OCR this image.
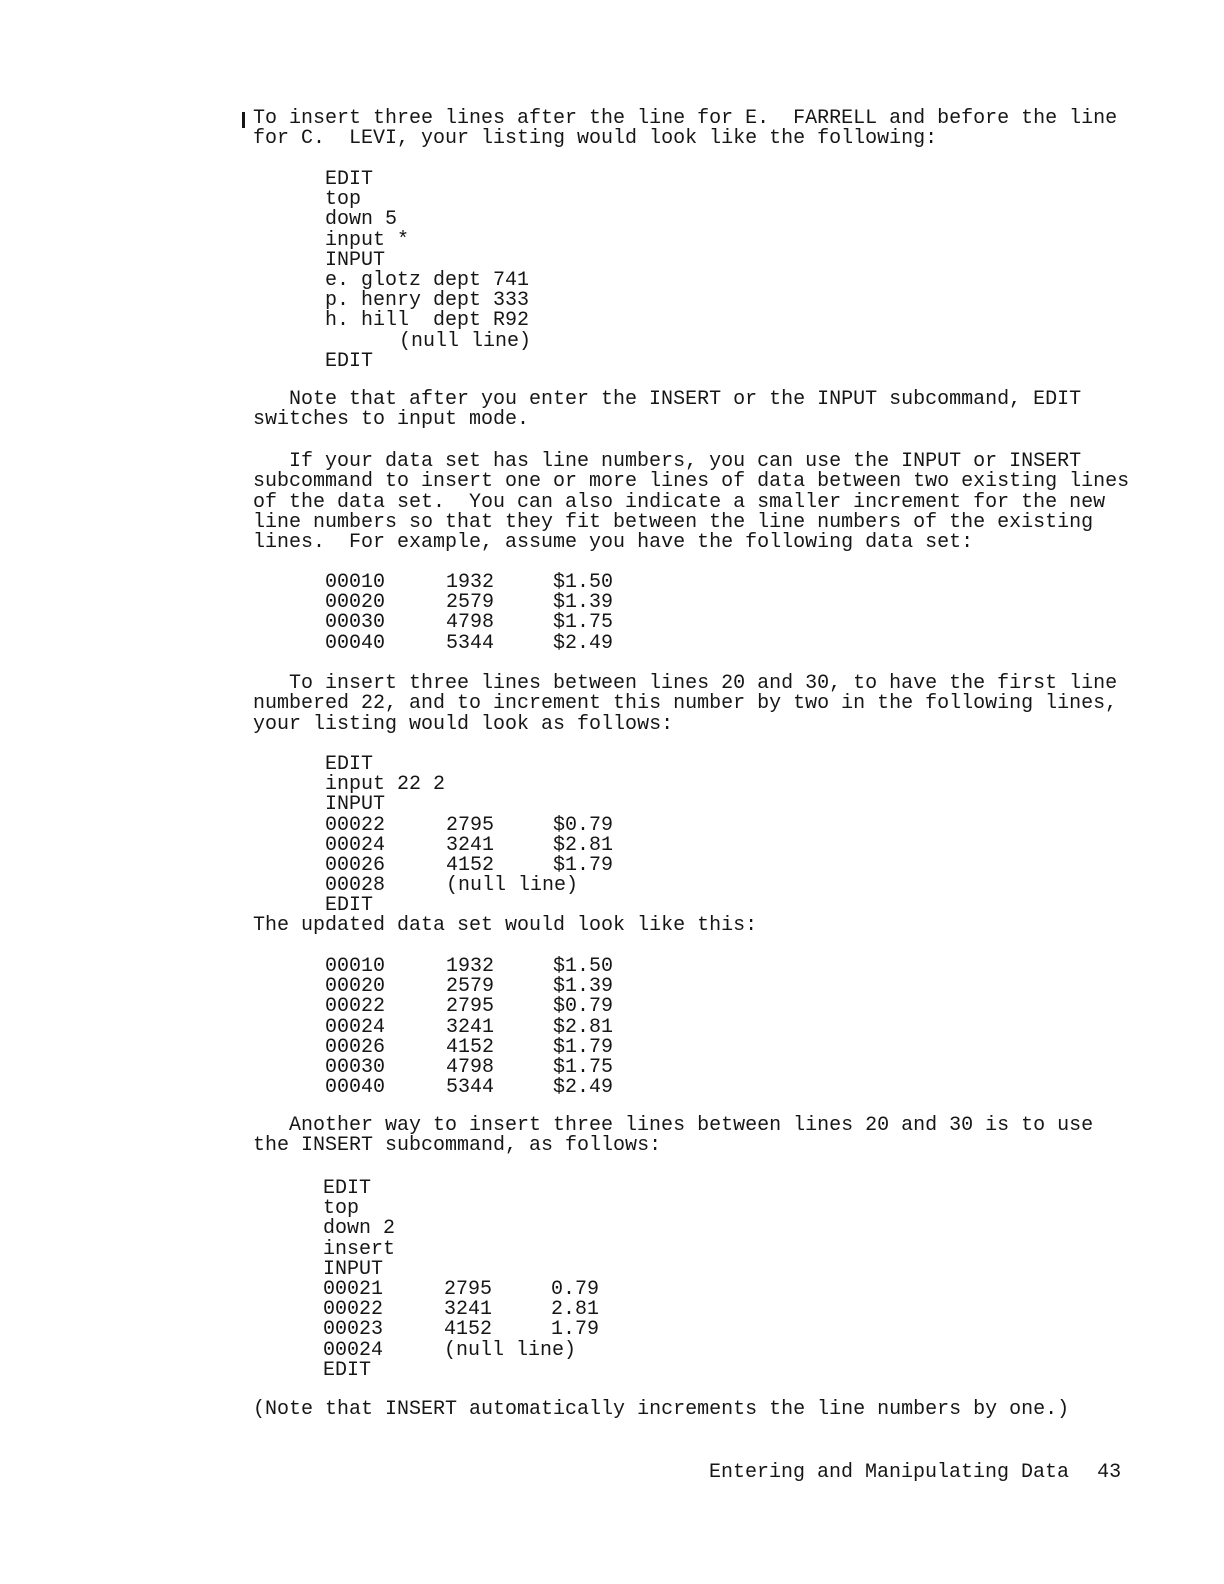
To insert three lines after the line for E.  FARRELL and before the line for C.  LEVI, your listing would look like the following:

EDIT
top
down 5
input *
INPUT
e. glotz dept 741
p. henry dept 333
h. hill  dept R92
(null line)
EDIT

Note that after you enter the INSERT or the INPUT subcommand, EDIT switches to input mode.

If your data set has line numbers, you can use the INPUT or INSERT subcommand to insert one or more lines of data between two existing lines of the data set.  You can also indicate a smaller increment for the new line numbers so that they fit between the line numbers of the existing lines.  For example, assume you have the following data set:

00010	1932	$1.50
00020	2579	$1.39
00030	4798	$1.75
00040	5344	$2.49

To insert three lines between lines 20 and 30, to have the first line numbered 22, and to increment this number by two in the following lines, your listing would look as follows:

EDIT
input 22 2
INPUT
00022	2795	$0.79
00024	3241	$2.81
00026	4152	$1.79
00028	(null line)
EDIT

The updated data set would look like this:

00010	1932	$1.50
00020	2579	$1.39
00022	2795	$0.79
00024	3241	$2.81
00026	4152	$1.79
00030	4798	$1.75
00040	5344	$2.49

Another way to insert three lines between lines 20 and 30 is to use the INSERT subcommand, as follows:

EDIT
top
down 2
insert
INPUT
00021	2795	0.79
00022	3241	2.81
00023	4152	1.79
00024	(null line)
EDIT

(Note that INSERT automatically increments the line numbers by one.)

Entering and Manipulating Data 43
